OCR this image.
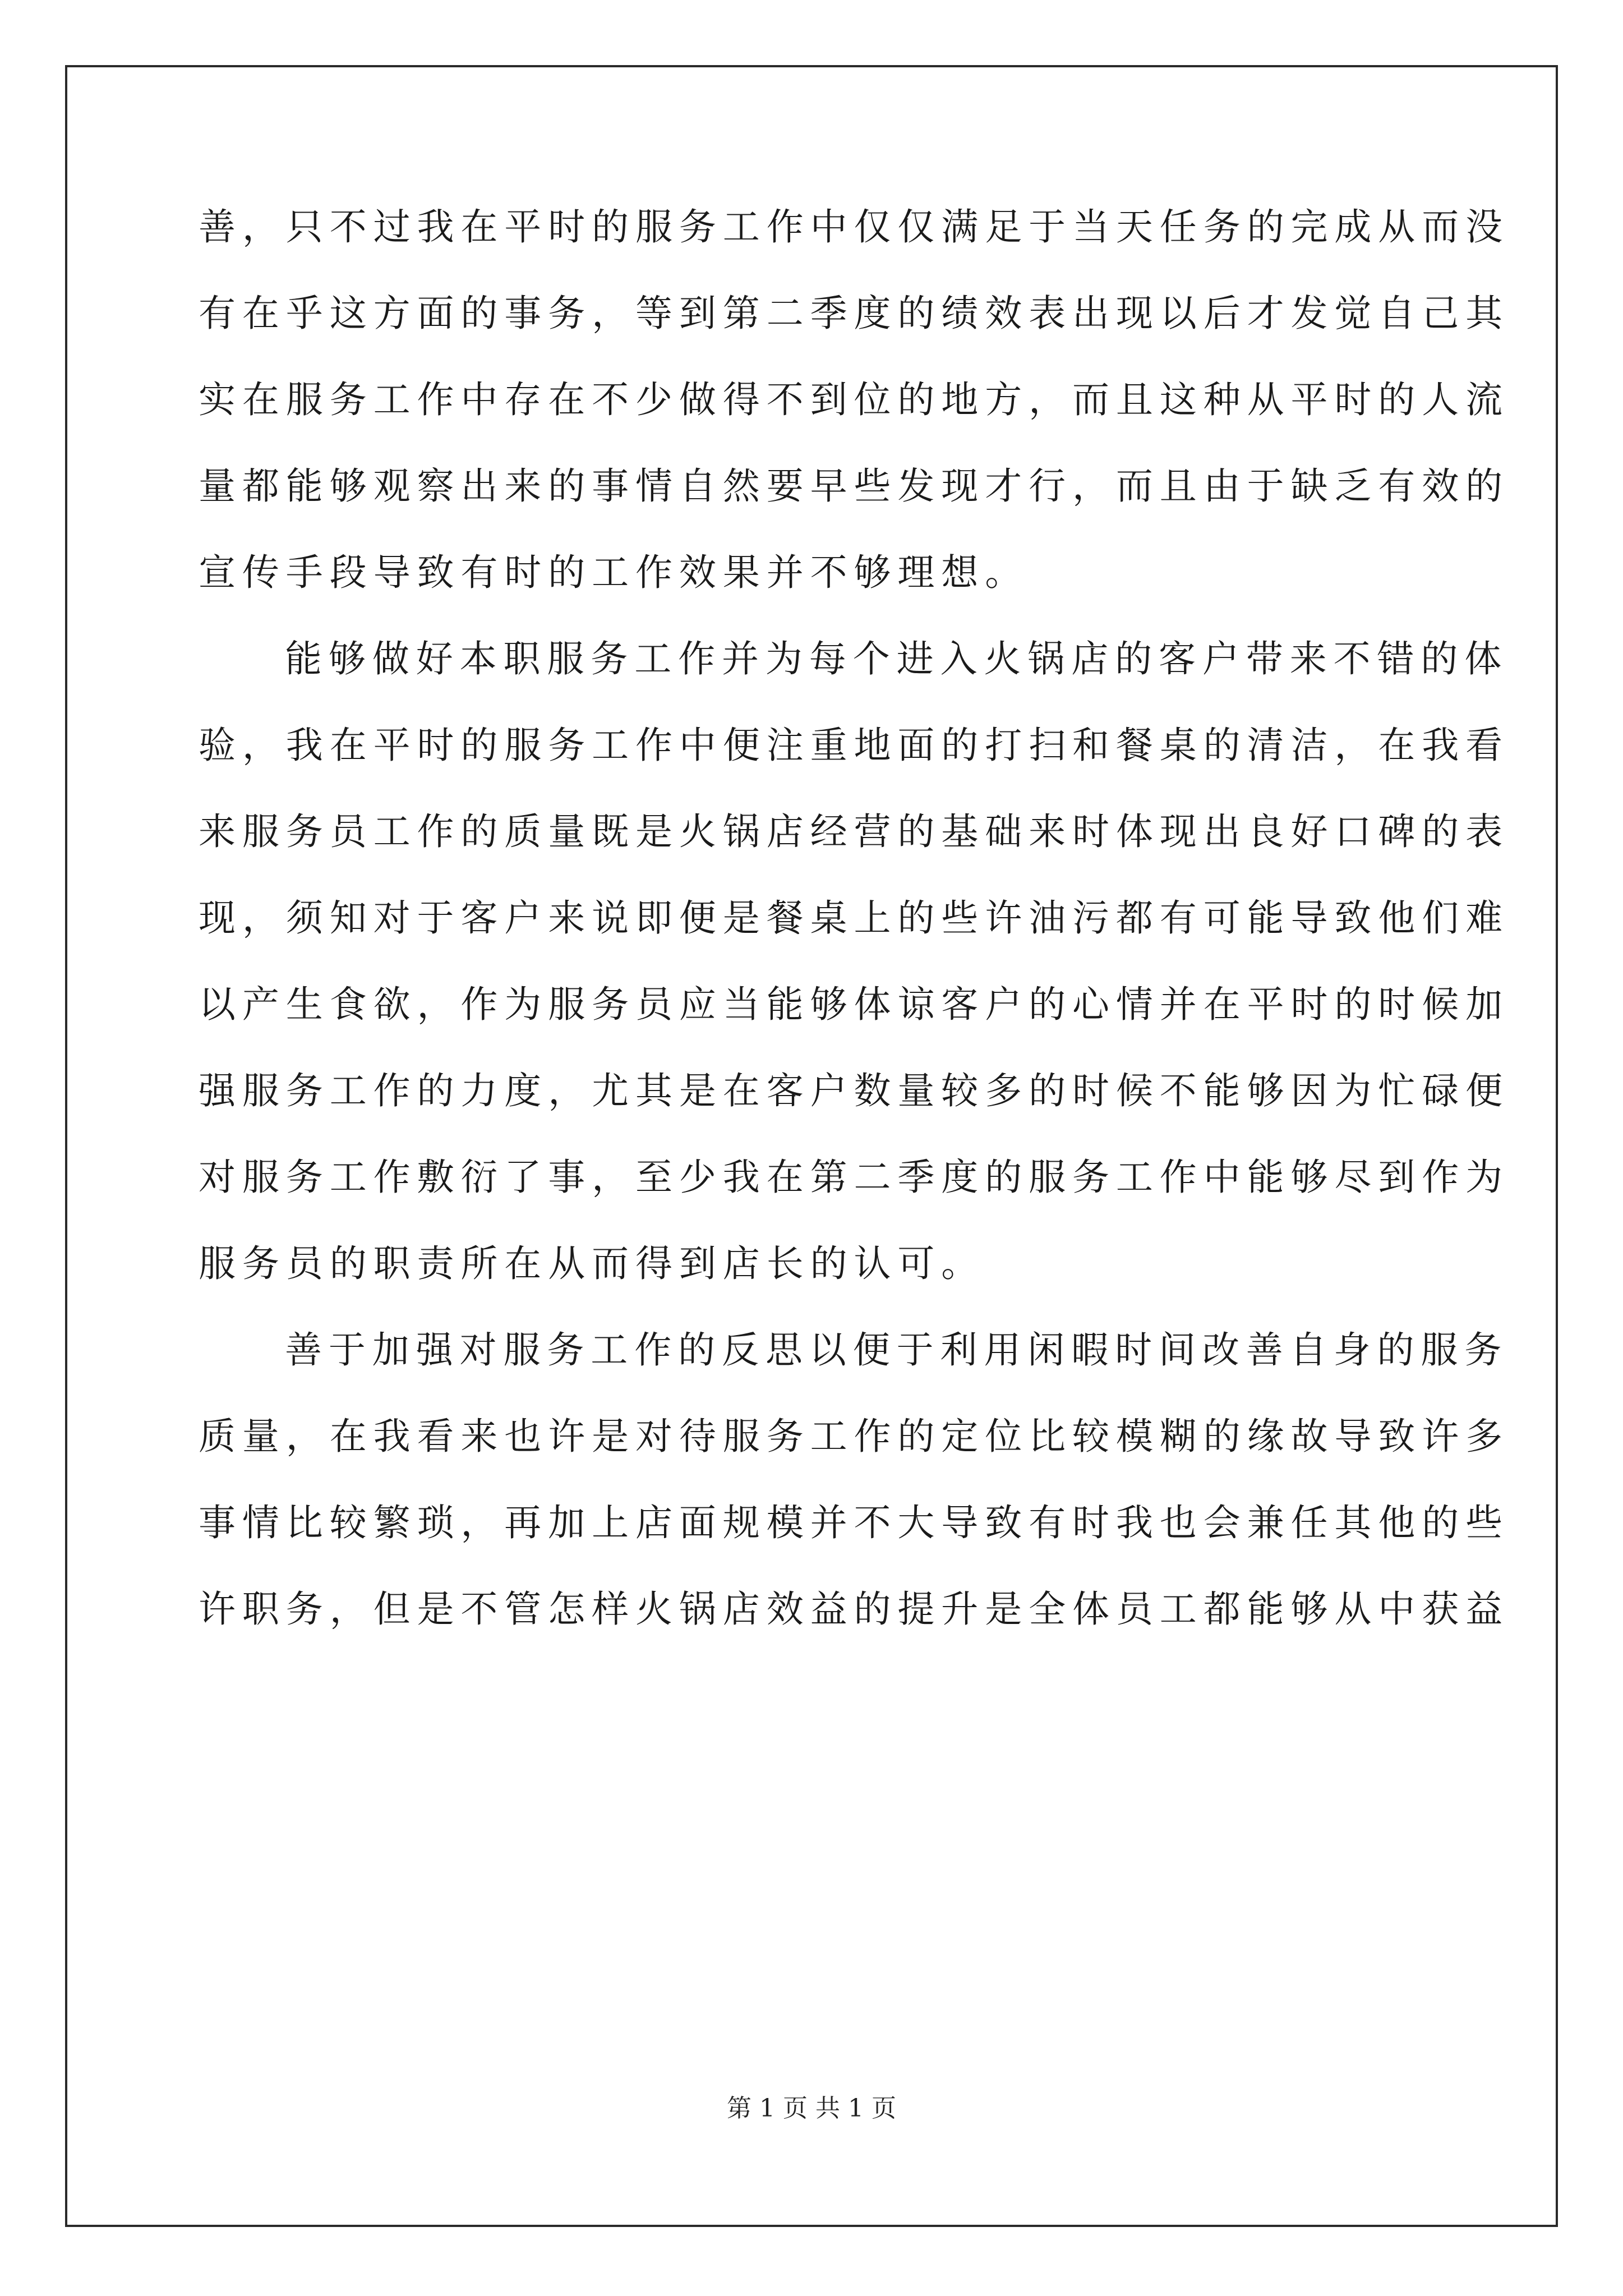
善，只不过我在平时的服务工作中仅仅满足于当天任务的完成从而没
有在乎这方面的事务，等到第二季度的绩效表出现以后才发觉自己其
实在服务工作中存在不少做得不到位的地方，而且这种从平时的人流
量都能够观察出来的事情自然要早些发现才行，而且由于缺乏有效的
宣传手段导致有时的工作效果并不够理想。
能够做好本职服务工作并为每个进入火锅店的客户带来不错的体
验，我在平时的服务工作中便注重地面的打扫和餐桌的清洁，在我看
来服务员工作的质量既是火锅店经营的基础来时体现出良好口碑的表
现，须知对于客户来说即便是餐桌上的些许油污都有可能导致他们难
以产生食欲，作为服务员应当能够体谅客户的心情并在平时的时候加
强服务工作的力度，尤其是在客户数量较多的时候不能够因为忙碌便
对服务工作敷衍了事，至少我在第二季度的服务工作中能够尽到作为
服务员的职责所在从而得到店长的认可。
善于加强对服务工作的反思以便于利用闲暇时间改善自身的服务
质量，在我看来也许是对待服务工作的定位比较模糊的缘故导致许多
事情比较繁琐，再加上店面规模并不大导致有时我也会兼任其他的些
许职务，但是不管怎样火锅店效益的提升是全体员工都能够从中获益
第 1 页 共 1 页
